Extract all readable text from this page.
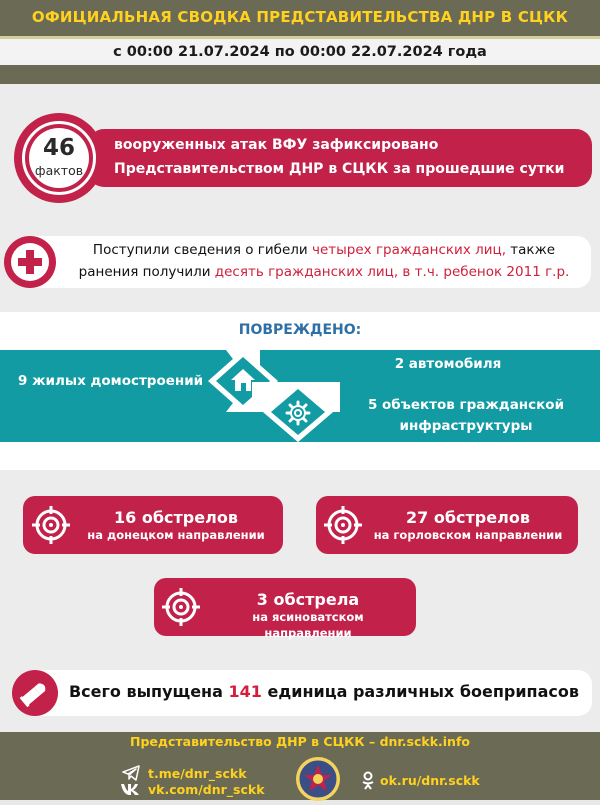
ОФИЦИАЛЬНАЯ СВОДКА ПРЕДСТАВИТЕЛЬСТВА ДНР В СЦКК
с 00:00 21.07.2024 по 00:00 22.07.2024 года
вооруженных атак ВФУ зафиксировано
Представительством ДНР в СЦКК за прошедшие сутки
46
фактов
Поступили сведения о гибели четырех гражданских лиц, также
ранения получили десять гражданских лиц, в т.ч. ребенок 2011 г.р.
ПОВРЕЖДЕНО:
9 жилых домостроений
2 автомобиля
5 объектов гражданской
инфраструктуры
16 обстрелов
на донецком направлении
27 обстрелов
на горловском направлении
3 обстрела
на ясиноватском направлении
Всего выпущена 141 единица различных боеприпасов
Представительство ДНР в СЦКК – dnr.sckk.info
t.me/dnr_sckk
vk.com/dnr_sckk
ok.ru/dnr.sckk
